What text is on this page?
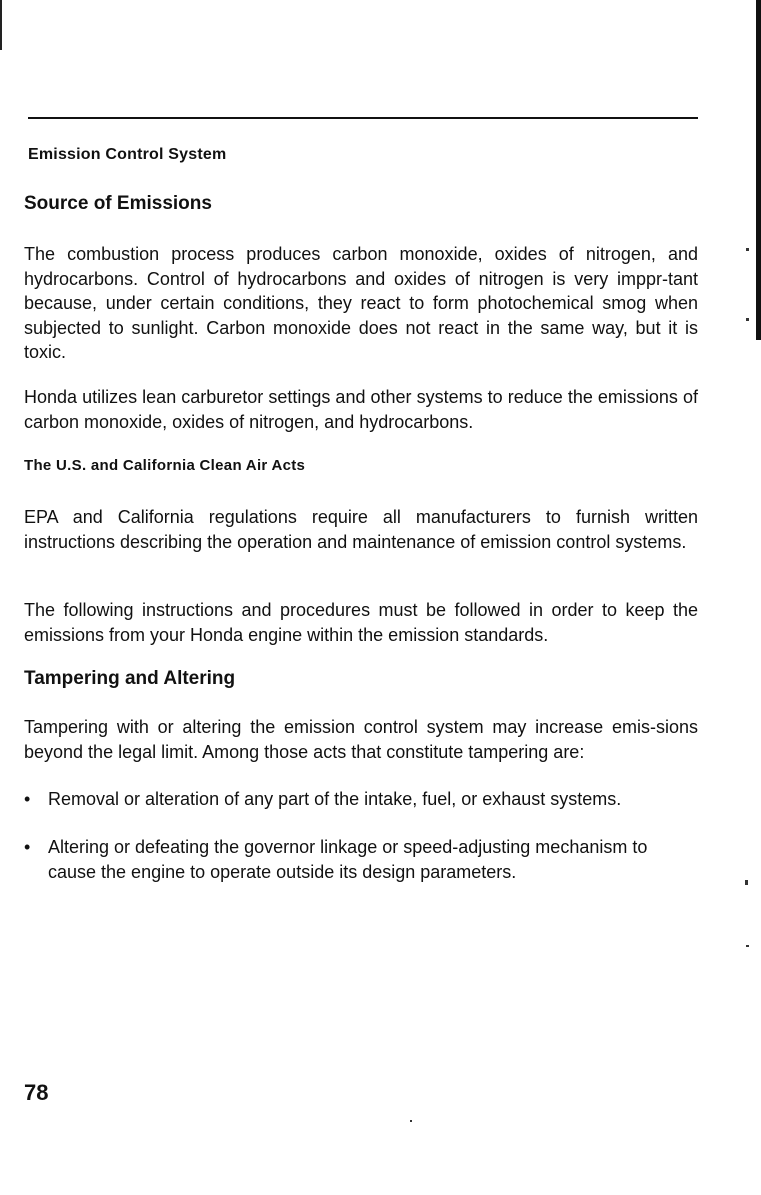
Emission Control System
Source of Emissions

The combustion process produces carbon monoxide, oxides of nitrogen, and hydrocarbons. Control of hydrocarbons and oxides of nitrogen is very imppr-tant because, under certain conditions, they react to form photochemical smog when subjected to sunlight. Carbon monoxide does not react in the same way, but it is toxic.

Honda utilizes lean carburetor settings and other systems to reduce the emissions of carbon monoxide, oxides of nitrogen, and hydrocarbons.

The U.S. and California Clean Air Acts

EPA and California regulations require all manufacturers to furnish written instructions describing the operation and maintenance of emission control systems.

The following instructions and procedures must be followed in order to keep the emissions from your Honda engine within the emission standards.

Tampering and Altering

Tampering with or altering the emission control system may increase emis-sions beyond the legal limit. Among those acts that constitute tampering are:

• Removal or alteration of any part of the intake, fuel, or exhaust systems.
• Altering or defeating the governor linkage or speed-adjusting mechanism to cause the engine to operate outside its design parameters.
78
